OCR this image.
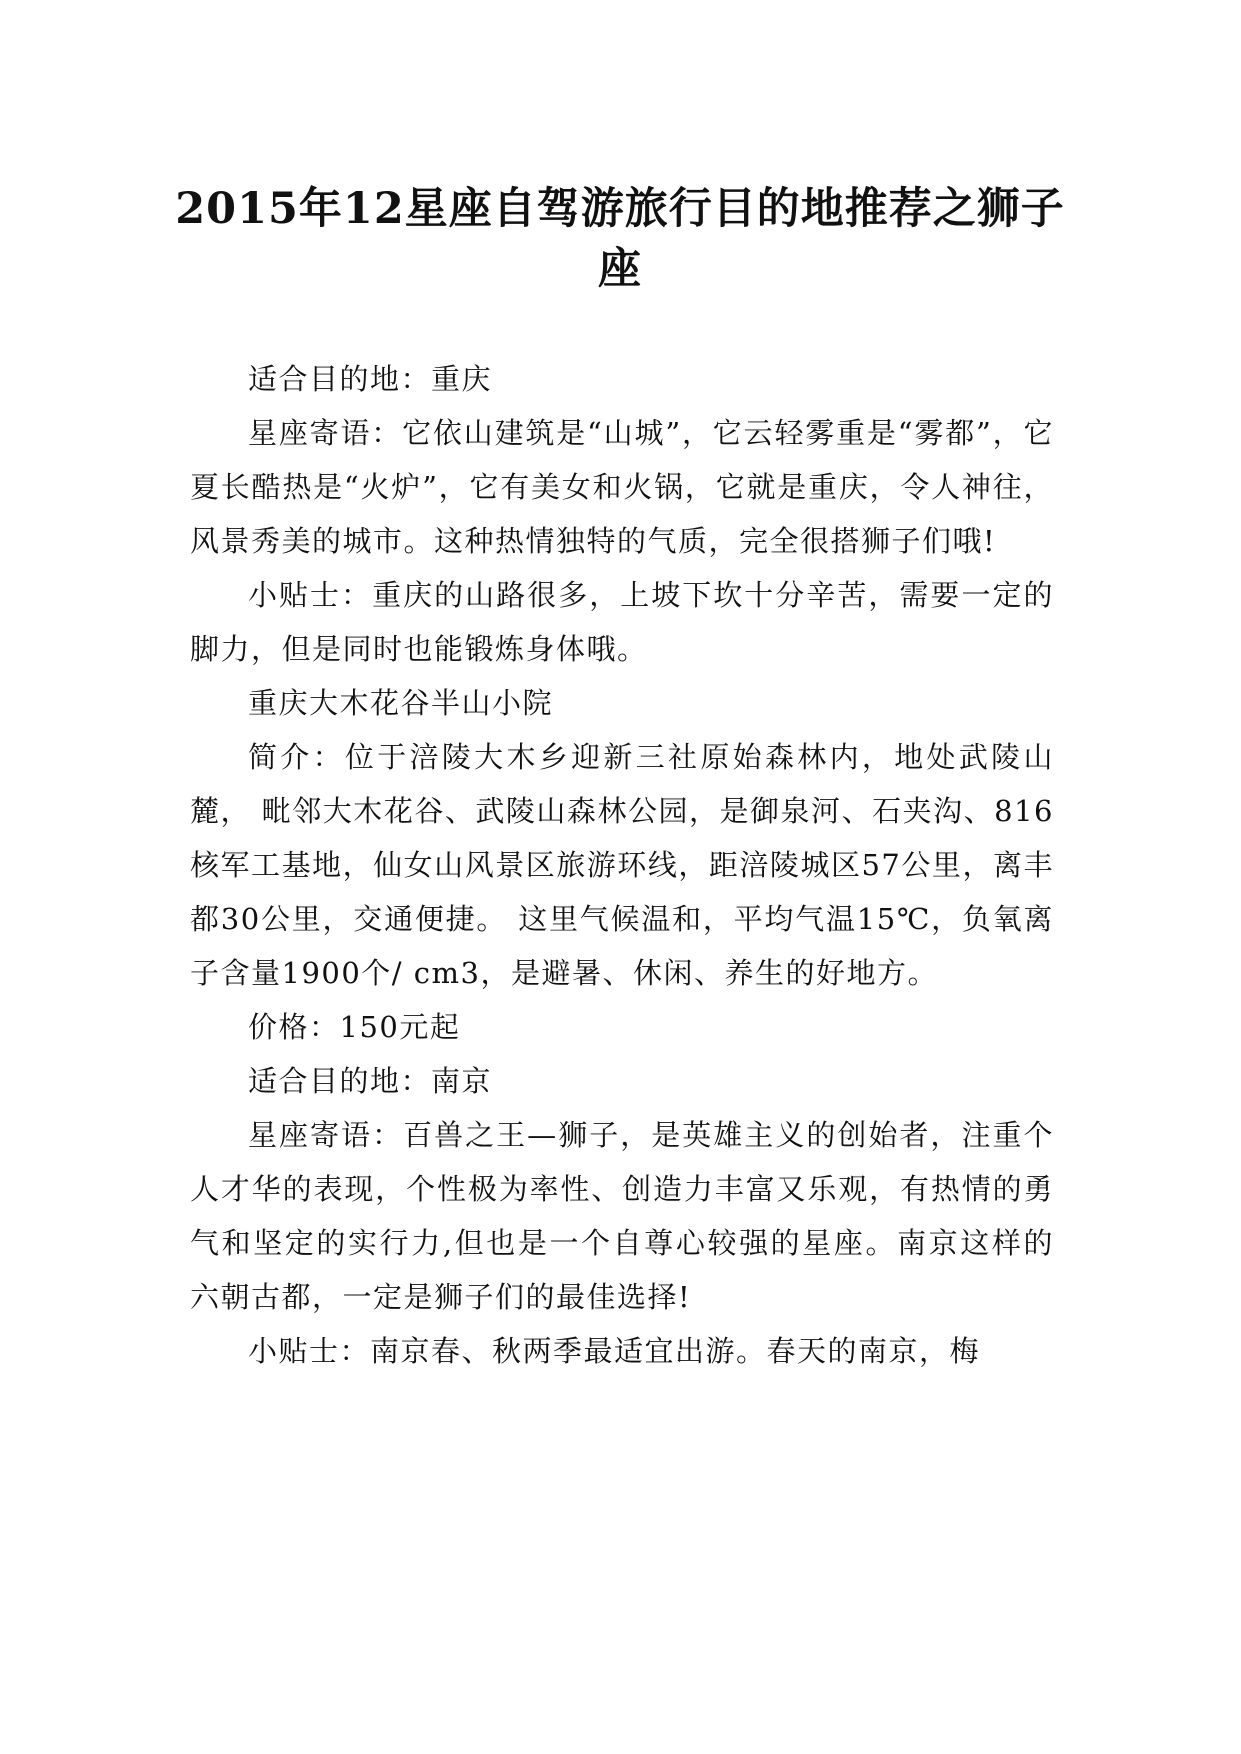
2015年12星座自驾游旅行目的地推荐之狮子座

适合目的地：重庆

星座寄语：它依山建筑是“山城”，它云轻雾重是“雾都”，它夏长酷热是“火炉”，它有美女和火锅，它就是重庆，令人神往，风景秀美的城市。这种热情独特的气质，完全很搭狮子们哦!

小贴士：重庆的山路很多，上坡下坎十分辛苦，需要一定的脚力，但是同时也能锻炼身体哦。

重庆大木花谷半山小院

简介：位于涪陵大木乡迎新三社原始森林内，地处武陵山麓， 毗邻大木花谷、武陵山森林公园，是御泉河、石夹沟、816核军工基地，仙女山风景区旅游环线，距涪陵城区57公里，离丰都30公里，交通便捷。 这里气候温和，平均气温15℃，负氧离子含量1900个/ cm3，是避暑、休闲、养生的好地方。

价格：150元起

适合目的地：南京

星座寄语：百兽之王—狮子，是英雄主义的创始者，注重个人才华的表现，个性极为率性、创造力丰富又乐观，有热情的勇气和坚定的实行力,但也是一个自尊心较强的星座。南京这样的六朝古都，一定是狮子们的最佳选择!

小贴士：南京春、秋两季最适宜出游。春天的南京，梅
